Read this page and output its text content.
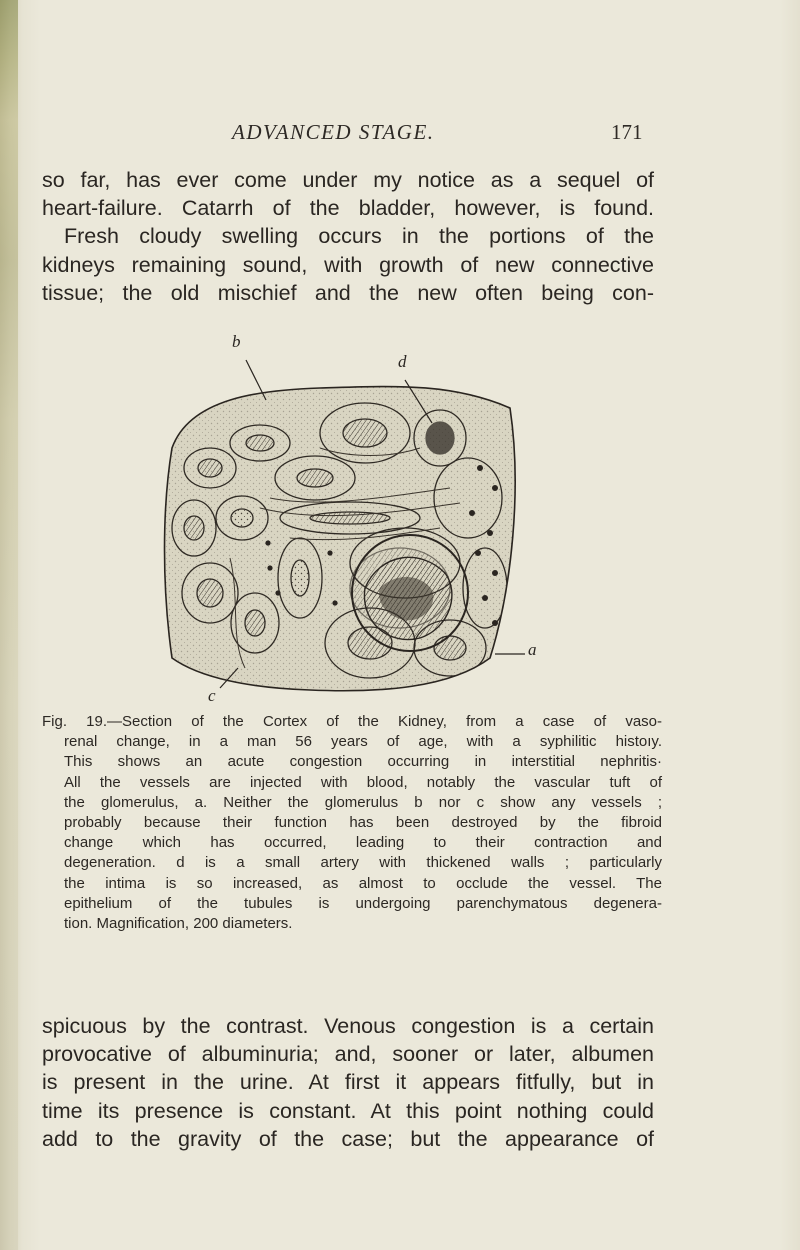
ADVANCED STAGE.	171
so far, has ever come under my notice as a sequel of
heart-failure. Catarrh of the bladder, however, is found.
Fresh cloudy swelling occurs in the portions of the
kidneys remaining sound, with growth of new connective
tissue; the old mischief and the new often being con-
b
d
a
c
Fig. 19.—Section of the Cortex of the Kidney, from a case of vaso-
renal change, in a man 56 years of age, with a syphilitic histoıy.
This shows an acute congestion occurring in interstitial nephritis·
All the vessels are injected with blood, notably the vascular tuft of
the glomerulus, a. Neither the glomerulus b nor c show any vessels ;
probably because their function has been destroyed by the fibroid
change which has occurred, leading to their contraction and
degeneration. d is a small artery with thickened walls ; particularly
the intima is so increased, as almost to occlude the vessel. The
epithelium of the tubules is undergoing parenchymatous degenera-
tion. Magnification, 200 diameters.
spicuous by the contrast. Venous congestion is a certain
provocative of albuminuria; and, sooner or later, albumen
is present in the urine. At first it appears fitfully, but in
time its presence is constant. At this point nothing could
add to the gravity of the case; but the appearance of
